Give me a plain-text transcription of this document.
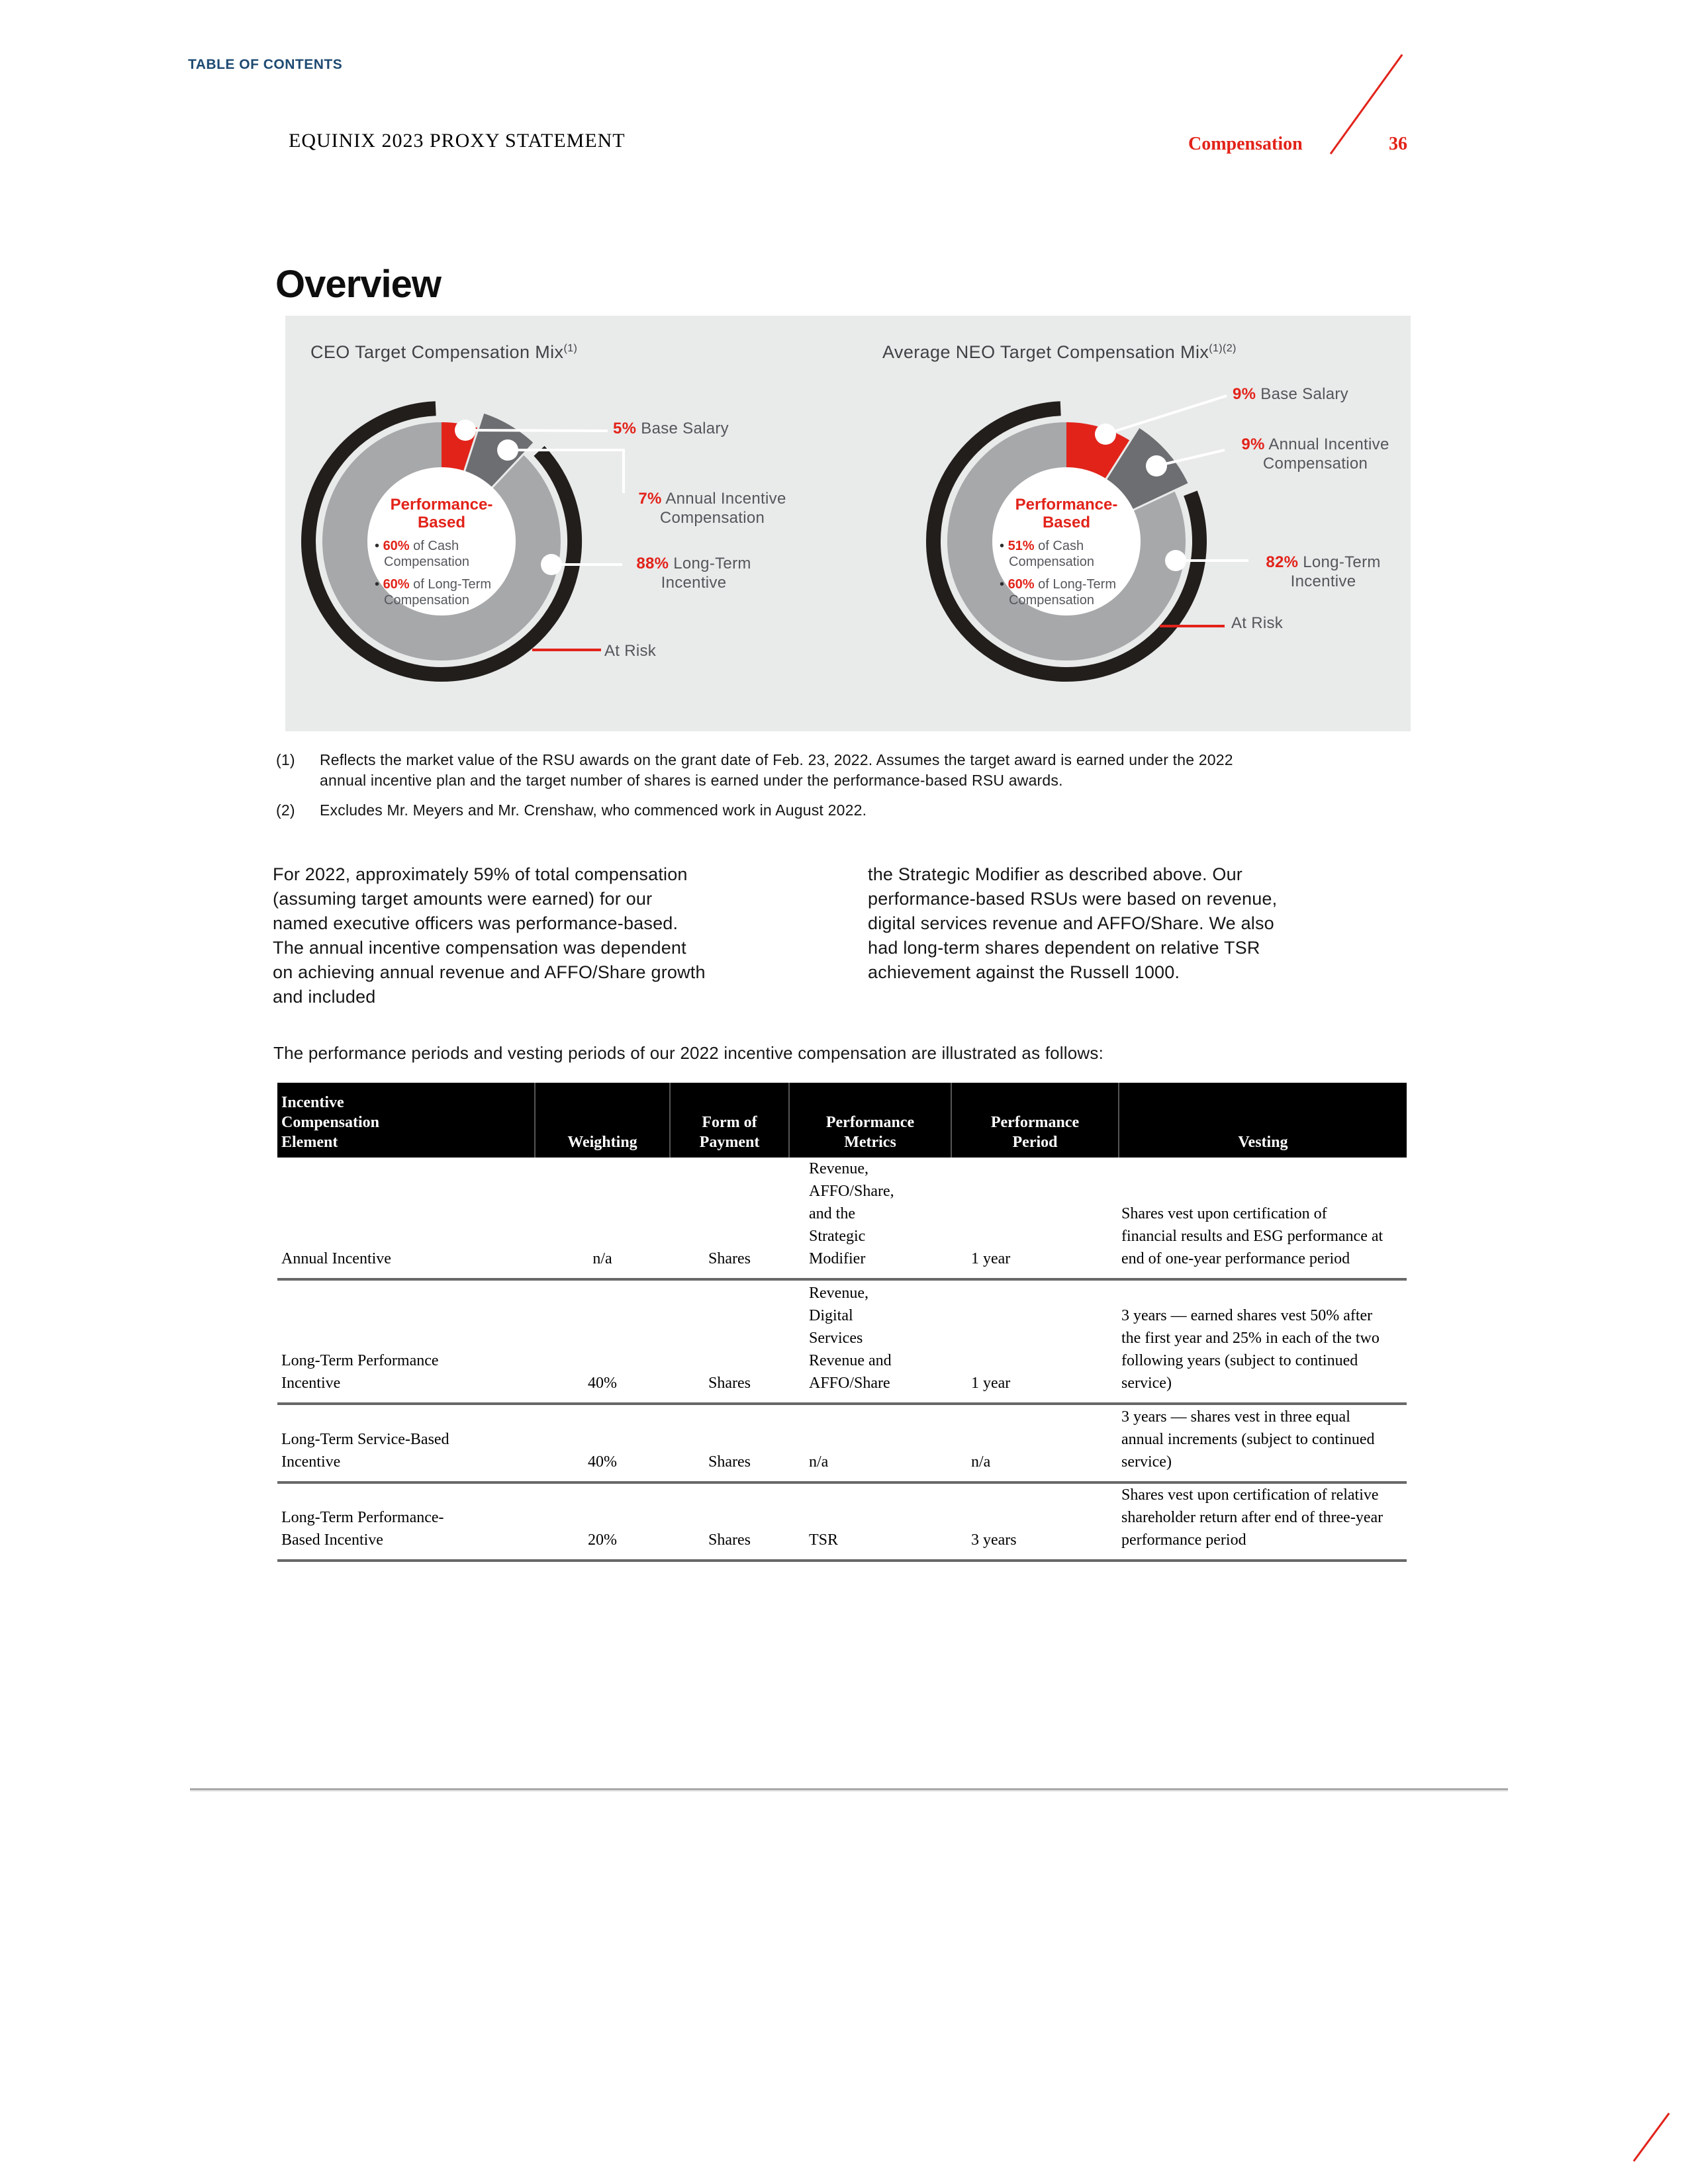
TABLE OF CONTENTS
EQUINIX 2023 PROXY STATEMENT	Compensation	36
Overview
CEO Target Compensation Mix$^{(1)}$	Average NEO Target Compensation Mix$^{(1)(2)}$
5% Base Salary
7% Annual Incentive Compensation
88% Long-Term Incentive
At Risk
9% Base Salary
9% Annual Incentive Compensation
82% Long-Term Incentive
At Risk
Performance-Based
• 60% of Cash Compensation
• 60% of Long-Term Compensation
Performance-Based
• 51% of Cash Compensation
• 60% of Long-Term Compensation
(1) Reflects the market value of the RSU awards on the grant date of Feb. 23, 2022. Assumes the target award is earned under the 2022 annual incentive plan and the target number of shares is earned under the performance-based RSU awards.
(2) Excludes Mr. Meyers and Mr. Crenshaw, who commenced work in August 2022.
For 2022, approximately 59% of total compensation (assuming target amounts were earned) for our named executive officers was performance-based. The annual incentive compensation was dependent on achieving annual revenue and AFFO/Share growth and included
the Strategic Modifier as described above. Our performance-based RSUs were based on revenue, digital services revenue and AFFO/Share. We also had long-term shares dependent on relative TSR achievement against the Russell 1000.
The performance periods and vesting periods of our 2022 incentive compensation are illustrated as follows:
Incentive Compensation Element	Weighting	Form of Payment	Performance Metrics	Performance Period	Vesting
Annual Incentive	n/a	Shares	Revenue, AFFO/Share, and the Strategic Modifier	1 year	Shares vest upon certification of financial results and ESG performance at end of one-year performance period
Long-Term Performance Incentive	40%	Shares	Revenue, Digital Services Revenue and AFFO/Share	1 year	3 years — earned shares vest 50% after the first year and 25% in each of the two following years (subject to continued service)
Long-Term Service-Based Incentive	40%	Shares	n/a	n/a	3 years — shares vest in three equal annual increments (subject to continued service)
Long-Term Performance-Based Incentive	20%	Shares	TSR	3 years	Shares vest upon certification of relative shareholder return after end of three-year performance period
